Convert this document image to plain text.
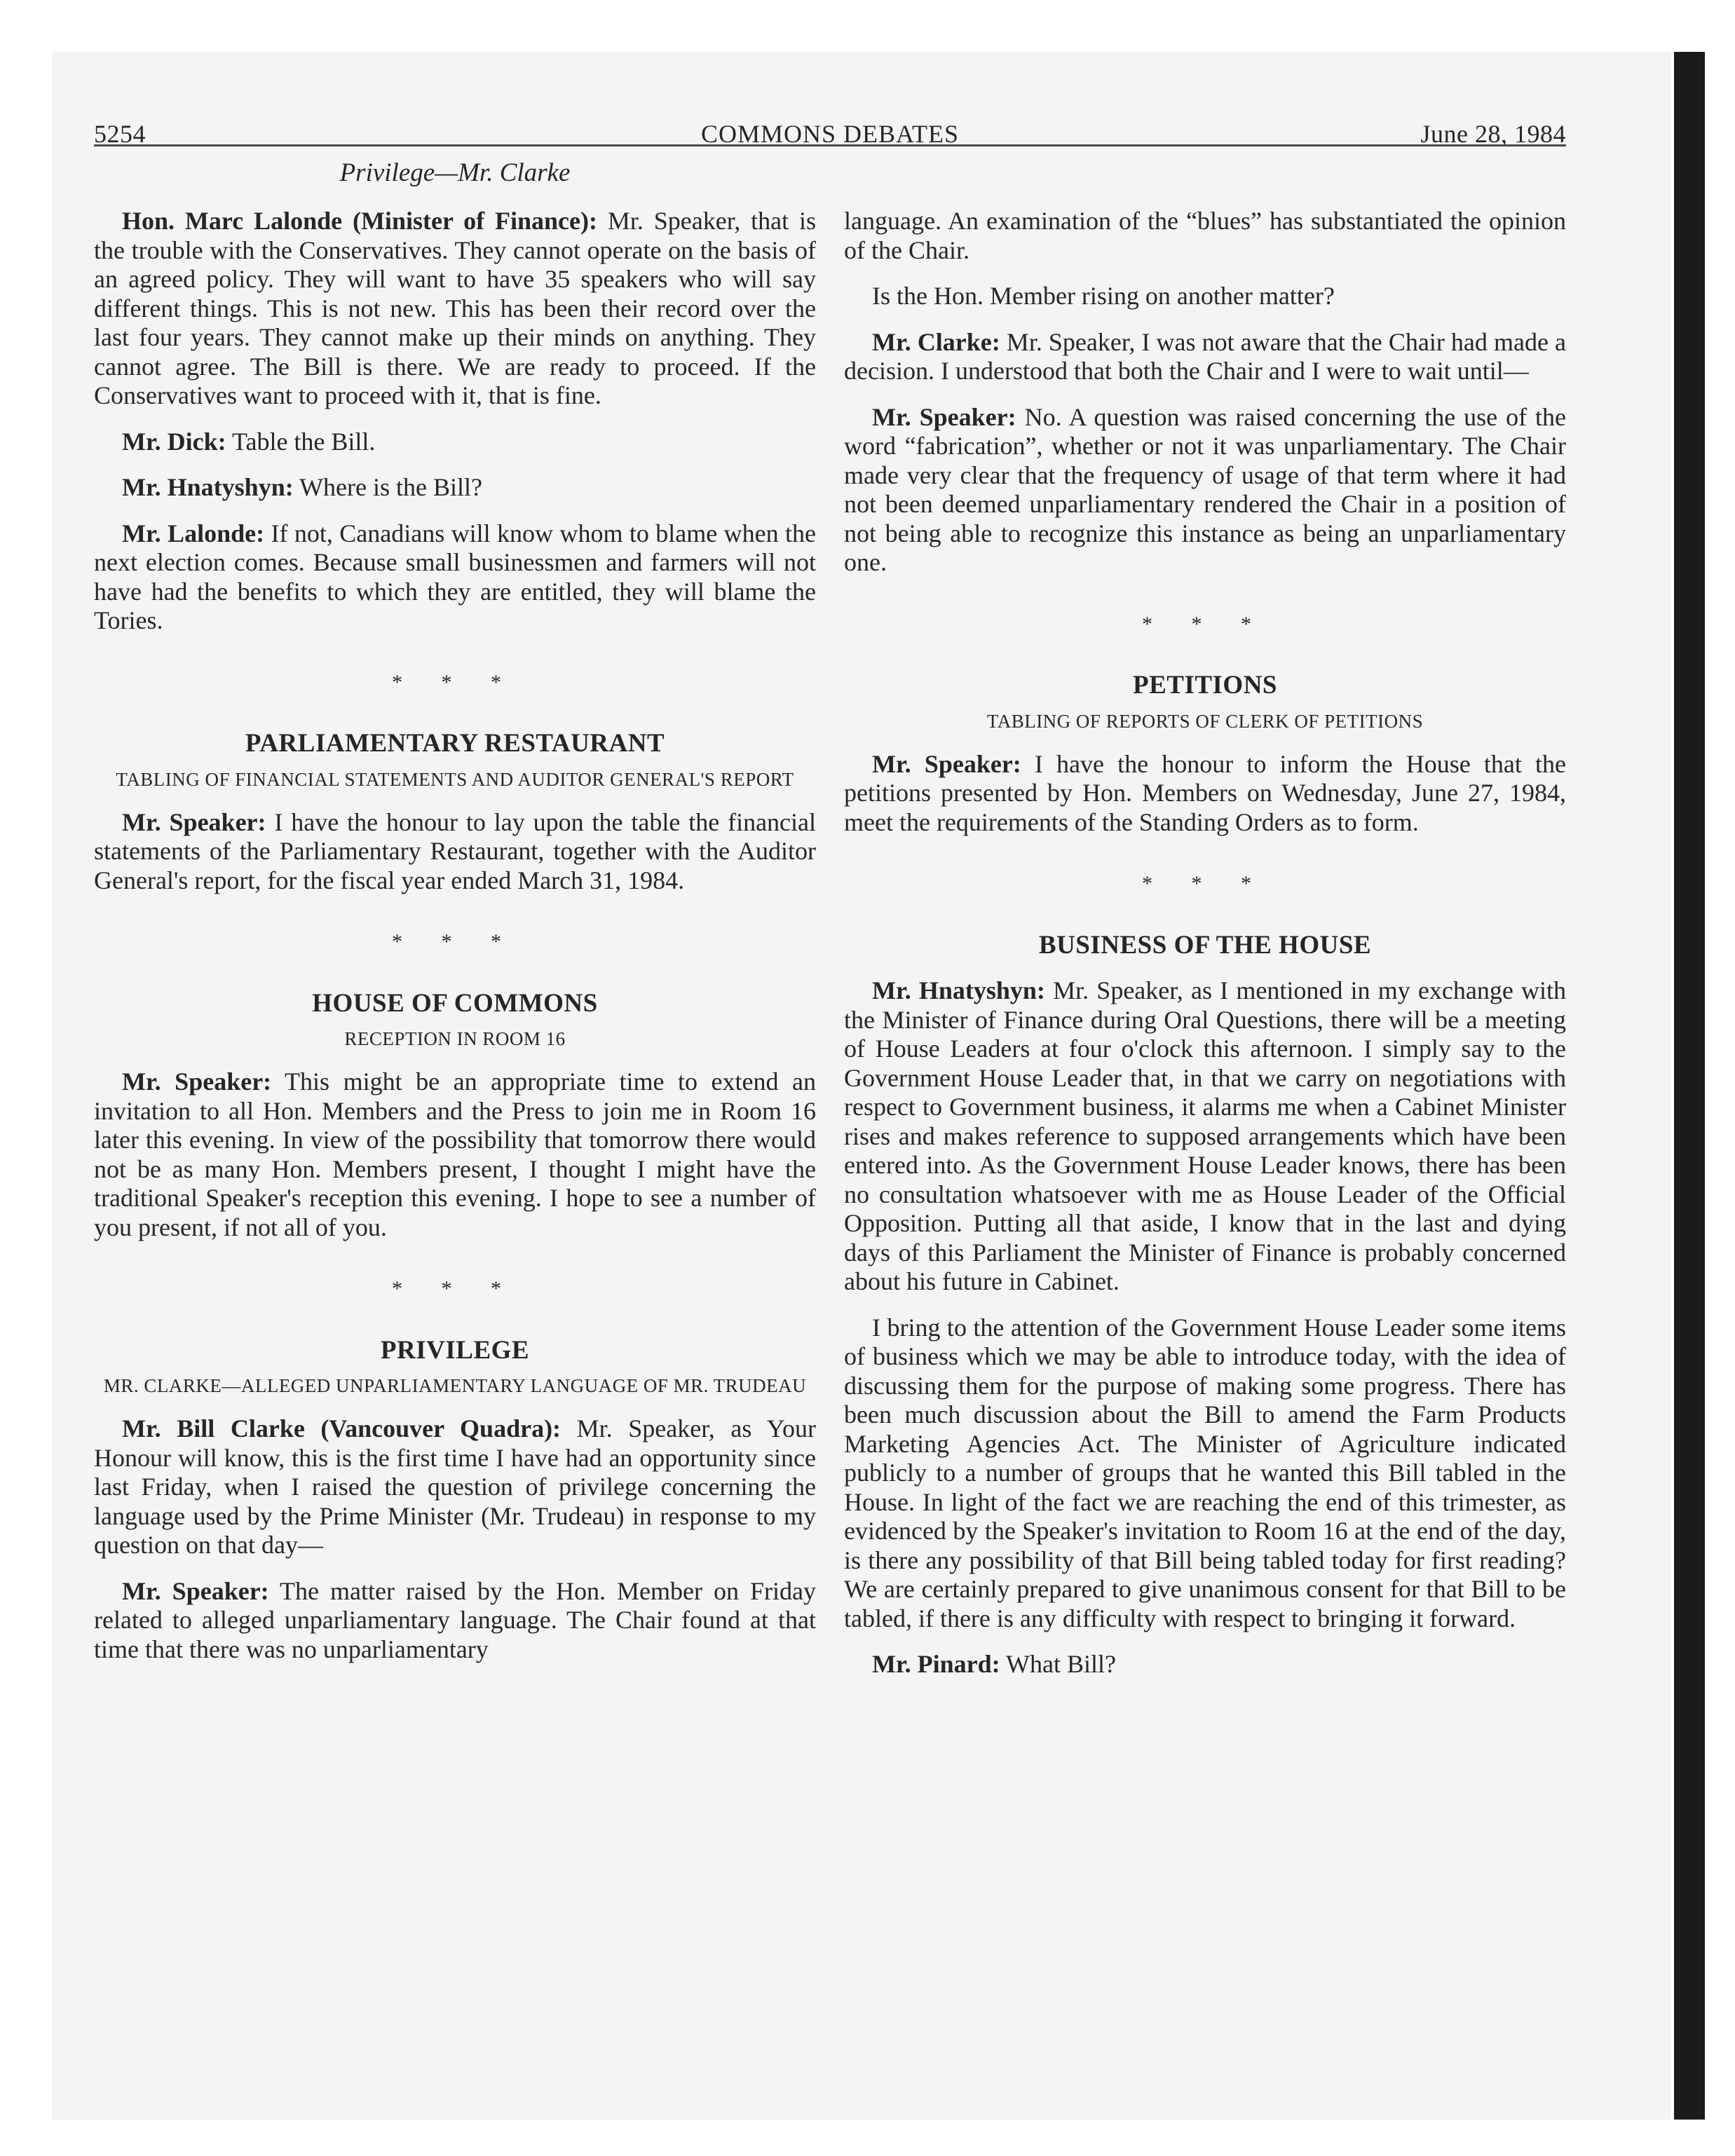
5254	COMMONS DEBATES	June 28, 1984
Privilege—Mr. Clarke

Hon. Marc Lalonde (Minister of Finance): Mr. Speaker, that is the trouble with the Conservatives. They cannot operate on the basis of an agreed policy. They will want to have 35 speakers who will say different things. This is not new. This has been their record over the last four years. They cannot make up their minds on anything. They cannot agree. The Bill is there. We are ready to proceed. If the Conservatives want to proceed with it, that is fine.

Mr. Dick: Table the Bill.

Mr. Hnatyshyn: Where is the Bill?

Mr. Lalonde: If not, Canadians will know whom to blame when the next election comes. Because small businessmen and farmers will not have had the benefits to which they are entitled, they will blame the Tories.

* * *
PARLIAMENTARY RESTAURANT
TABLING OF FINANCIAL STATEMENTS AND AUDITOR GENERAL'S REPORT

Mr. Speaker: I have the honour to lay upon the table the financial statements of the Parliamentary Restaurant, together with the Auditor General's report, for the fiscal year ended March 31, 1984.

* * *
HOUSE OF COMMONS
RECEPTION IN ROOM 16

Mr. Speaker: This might be an appropriate time to extend an invitation to all Hon. Members and the Press to join me in Room 16 later this evening. In view of the possibility that tomorrow there would not be as many Hon. Members present, I thought I might have the traditional Speaker's reception this evening. I hope to see a number of you present, if not all of you.

* * *
PRIVILEGE
MR. CLARKE—ALLEGED UNPARLIAMENTARY LANGUAGE OF MR. TRUDEAU

Mr. Bill Clarke (Vancouver Quadra): Mr. Speaker, as Your Honour will know, this is the first time I have had an opportunity since last Friday, when I raised the question of privilege concerning the language used by the Prime Minister (Mr. Trudeau) in response to my question on that day—

Mr. Speaker: The matter raised by the Hon. Member on Friday related to alleged unparliamentary language. The Chair found at that time that there was no unparliamentary

language. An examination of the “blues” has substantiated the opinion of the Chair.

Is the Hon. Member rising on another matter?

Mr. Clarke: Mr. Speaker, I was not aware that the Chair had made a decision. I understood that both the Chair and I were to wait until—

Mr. Speaker: No. A question was raised concerning the use of the word “fabrication”, whether or not it was unparliamentary. The Chair made very clear that the frequency of usage of that term where it had not been deemed unparliamentary rendered the Chair in a position of not being able to recognize this instance as being an unparliamentary one.

* * *
PETITIONS
TABLING OF REPORTS OF CLERK OF PETITIONS

Mr. Speaker: I have the honour to inform the House that the petitions presented by Hon. Members on Wednesday, June 27, 1984, meet the requirements of the Standing Orders as to form.

* * *
BUSINESS OF THE HOUSE

Mr. Hnatyshyn: Mr. Speaker, as I mentioned in my exchange with the Minister of Finance during Oral Questions, there will be a meeting of House Leaders at four o'clock this afternoon. I simply say to the Government House Leader that, in that we carry on negotiations with respect to Government business, it alarms me when a Cabinet Minister rises and makes reference to supposed arrangements which have been entered into. As the Government House Leader knows, there has been no consultation whatsoever with me as House Leader of the Official Opposition. Putting all that aside, I know that in the last and dying days of this Parliament the Minister of Finance is probably concerned about his future in Cabinet.

I bring to the attention of the Government House Leader some items of business which we may be able to introduce today, with the idea of discussing them for the purpose of making some progress. There has been much discussion about the Bill to amend the Farm Products Marketing Agencies Act. The Minister of Agriculture indicated publicly to a number of groups that he wanted this Bill tabled in the House. In light of the fact we are reaching the end of this trimester, as evidenced by the Speaker's invitation to Room 16 at the end of the day, is there any possibility of that Bill being tabled today for first reading? We are certainly prepared to give unanimous consent for that Bill to be tabled, if there is any difficulty with respect to bringing it forward.

Mr. Pinard: What Bill?
